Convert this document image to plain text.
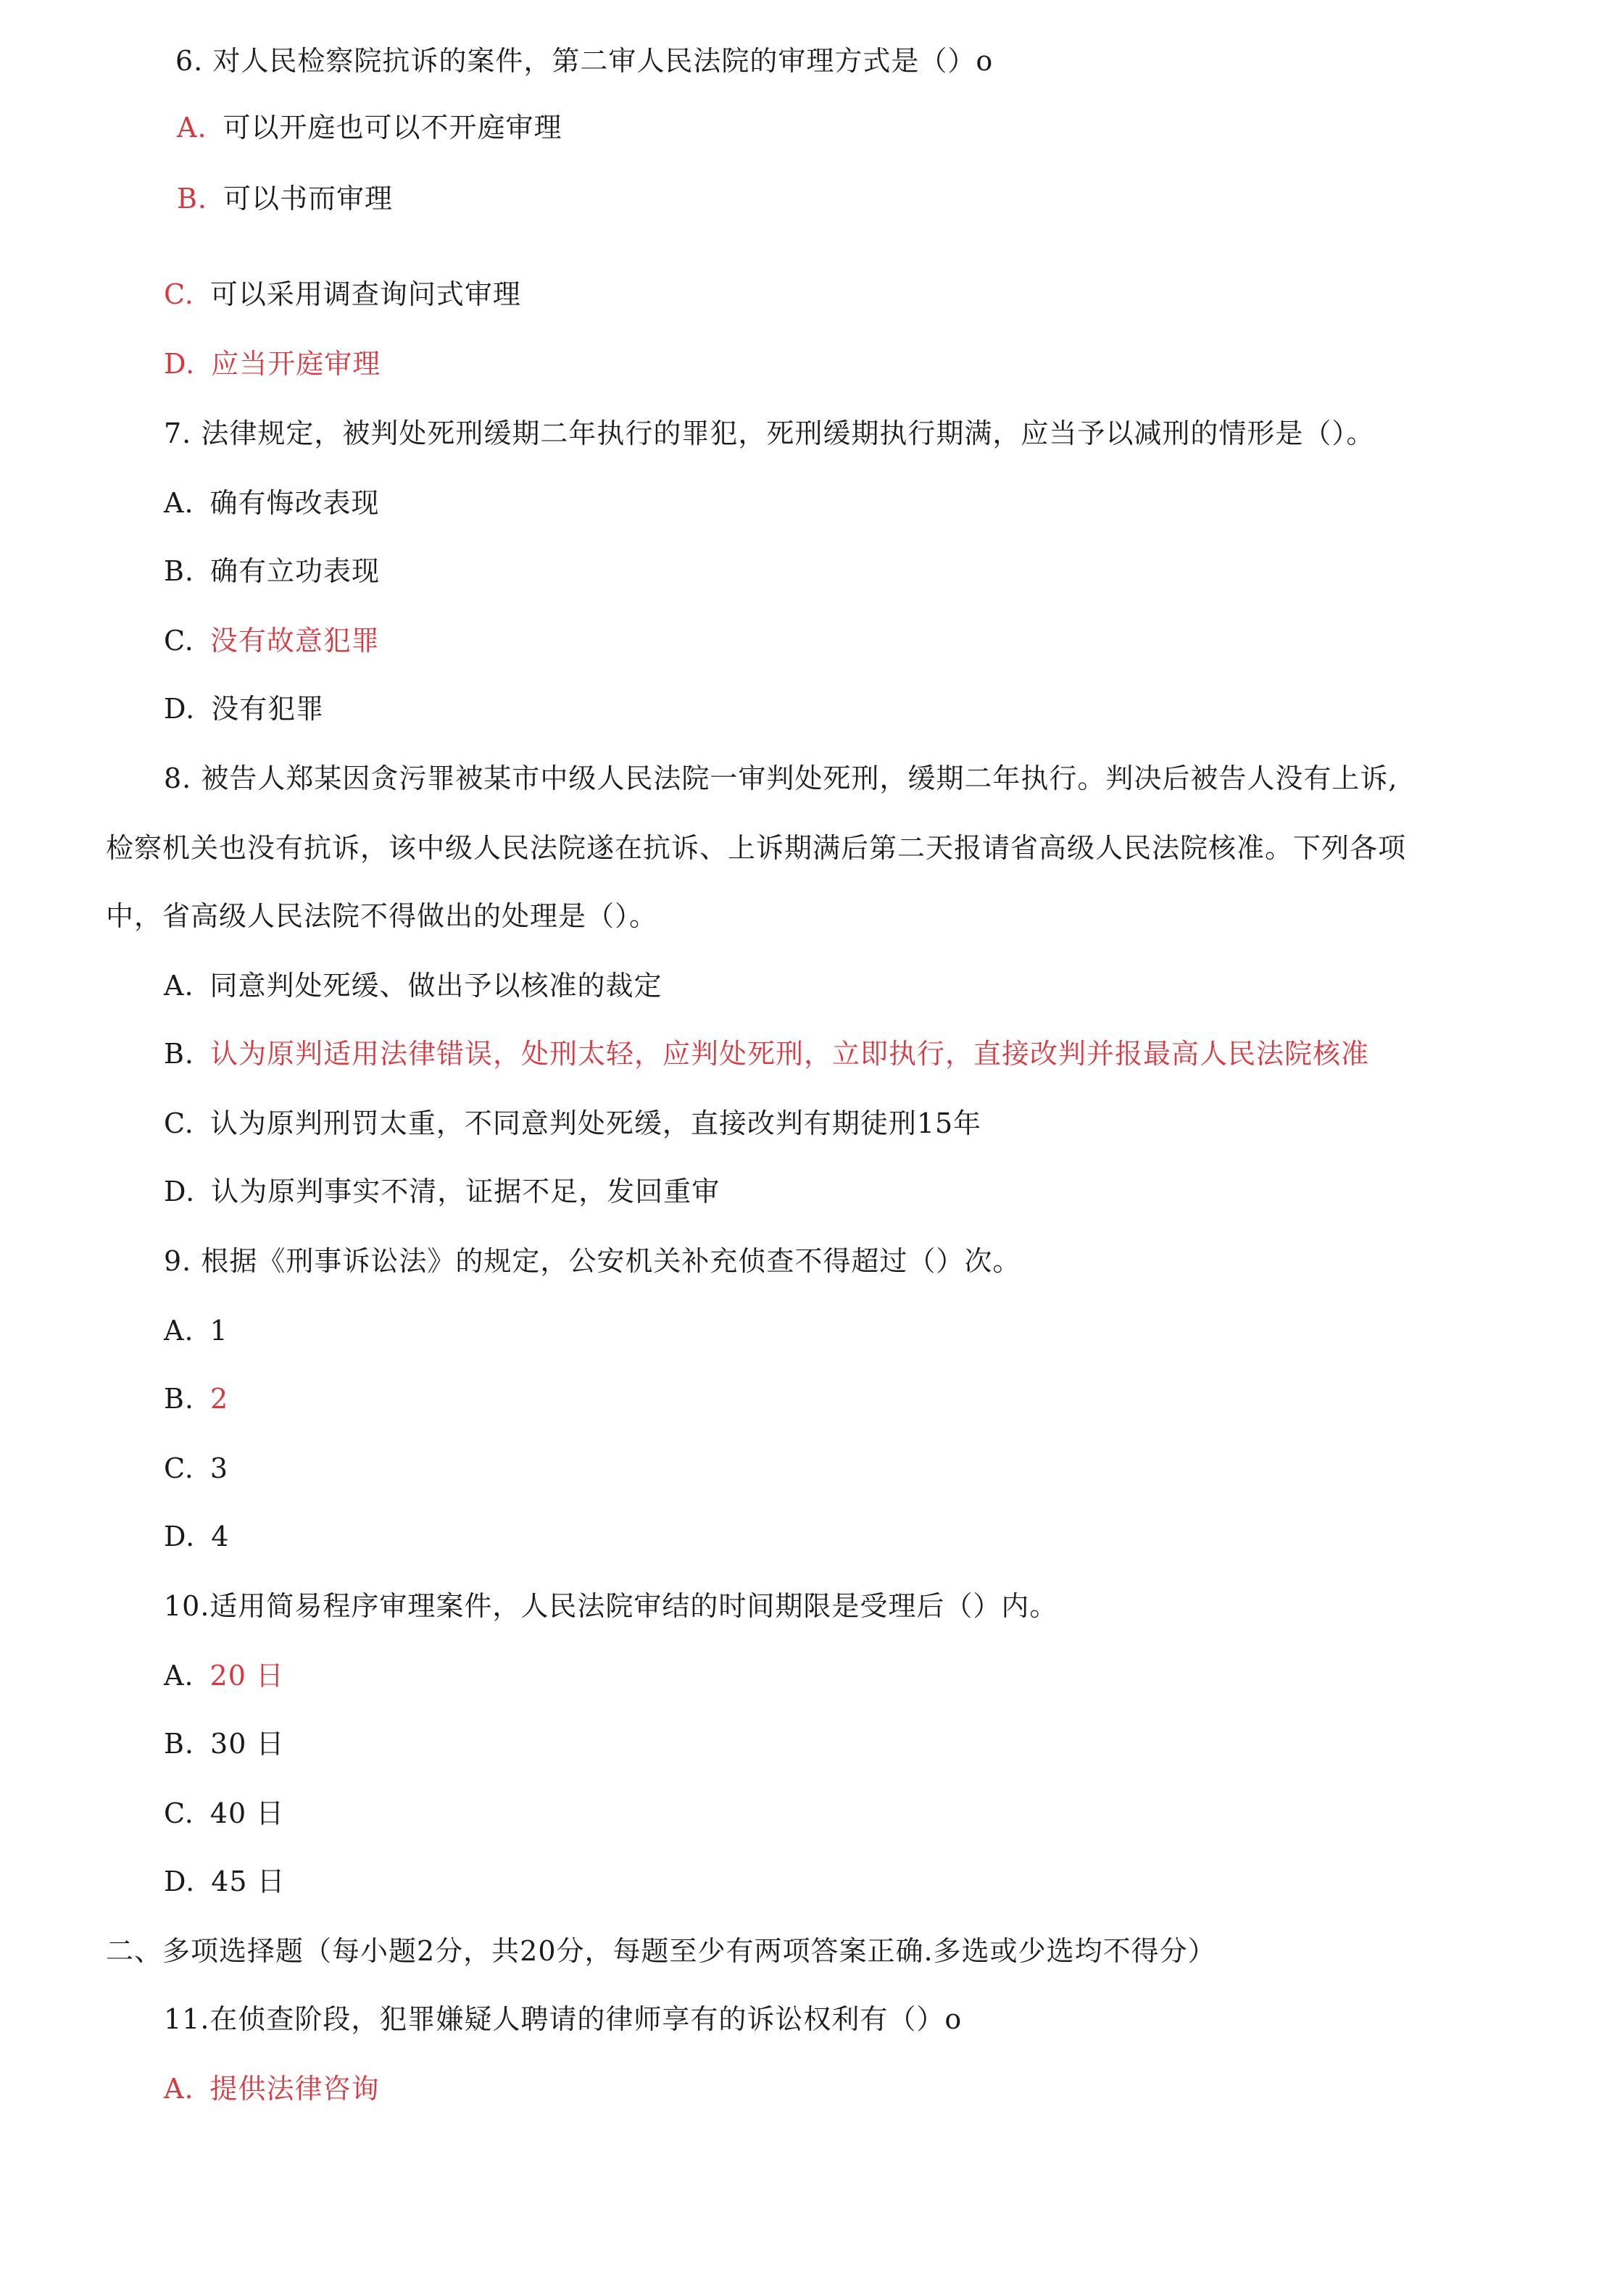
6. 对人民检察院抗诉的案件，第二审人民法院的审理方式是（）o
A. 可以开庭也可以不开庭审理
B. 可以书而审理
C. 可以采用调查询问式审理
D. 应当开庭审理
7. 法律规定，被判处死刑缓期二年执行的罪犯，死刑缓期执行期满，应当予以减刑的情形是（）。
A. 确有悔改表现
B. 确有立功表现
C. 没有故意犯罪
D. 没有犯罪
8. 被告人郑某因贪污罪被某市中级人民法院一审判处死刑，缓期二年执行。判决后被告人没有上诉,
检察机关也没有抗诉，该中级人民法院遂在抗诉、上诉期满后第二天报请省高级人民法院核准。下列各项
中，省高级人民法院不得做出的处理是（）。
A. 同意判处死缓、做出予以核准的裁定
B. 认为原判适用法律错误，处刑太轻，应判处死刑，立即执行，直接改判并报最高人民法院核准
C. 认为原判刑罚太重，不同意判处死缓，直接改判有期徒刑15年
D. 认为原判事实不清，证据不足，发回重审
9. 根据《刑事诉讼法》的规定，公安机关补充侦查不得超过（）次。
A. 1
B. 2
C. 3
D. 4
10.适用简易程序审理案件，人民法院审结的时间期限是受理后（）内。
A. 20 日
B. 30 日
C. 40 日
D. 45 日
二、多项选择题（每小题2分，共20分，每题至少有两项答案正确.多选或少选均不得分）
11.在侦查阶段，犯罪嫌疑人聘请的律师享有的诉讼权利有（）o
A. 提供法律咨询
